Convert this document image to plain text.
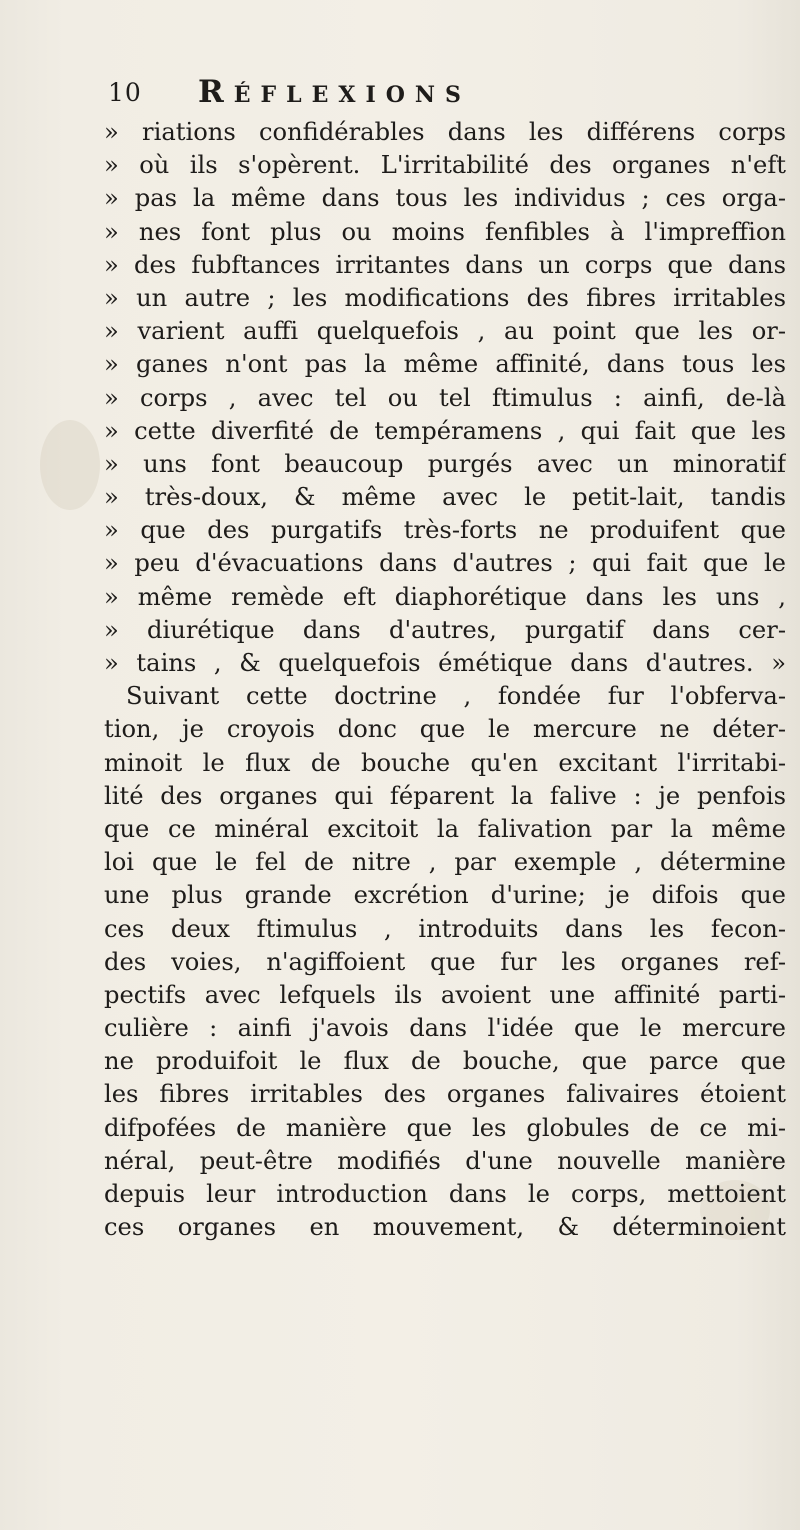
10 Réflexions
» riations confidérables dans les différens corps
» où ils s'opèrent. L'irritabilité des organes n'eft
» pas la même dans tous les individus ; ces orga-
» nes font plus ou moins fenfibles à l'impreffion
» des fubftances irritantes dans un corps que dans
» un autre ; les modifications des fibres irritables
» varient auffi quelquefois , au point que les or-
» ganes n'ont pas la même affinité, dans tous les
» corps , avec tel ou tel ftimulus : ainfi, de-là
» cette diverfité de tempéramens , qui fait que les
» uns font beaucoup purgés avec un minoratif
» très-doux, & même avec le petit-lait, tandis
» que des purgatifs très-forts ne produifent que
» peu d'évacuations dans d'autres ; qui fait que le
» même remède eft diaphorétique dans les uns ,
» diurétique dans d'autres, purgatif dans cer-
» tains , & quelquefois émétique dans d'autres. »
Suivant cette doctrine , fondée fur l'obferva-
tion, je croyois donc que le mercure ne déter-
minoit le flux de bouche qu'en excitant l'irritabi-
lité des organes qui féparent la falive : je penfois
que ce minéral excitoit la falivation par la même
loi que le fel de nitre , par exemple , détermine
une plus grande excrétion d'urine; je difois que
ces deux ftimulus , introduits dans les fecon-
des voies, n'agiffoient que fur les organes ref-
pectifs avec lefquels ils avoient une affinité parti-
culière : ainfi j'avois dans l'idée que le mercure
ne produifoit le flux de bouche, que parce que
les fibres irritables des organes falivaires étoient
difpofées de manière que les globules de ce mi-
néral, peut-être modifiés d'une nouvelle manière
depuis leur introduction dans le corps, mettoient
ces organes en mouvement, & déterminoient
